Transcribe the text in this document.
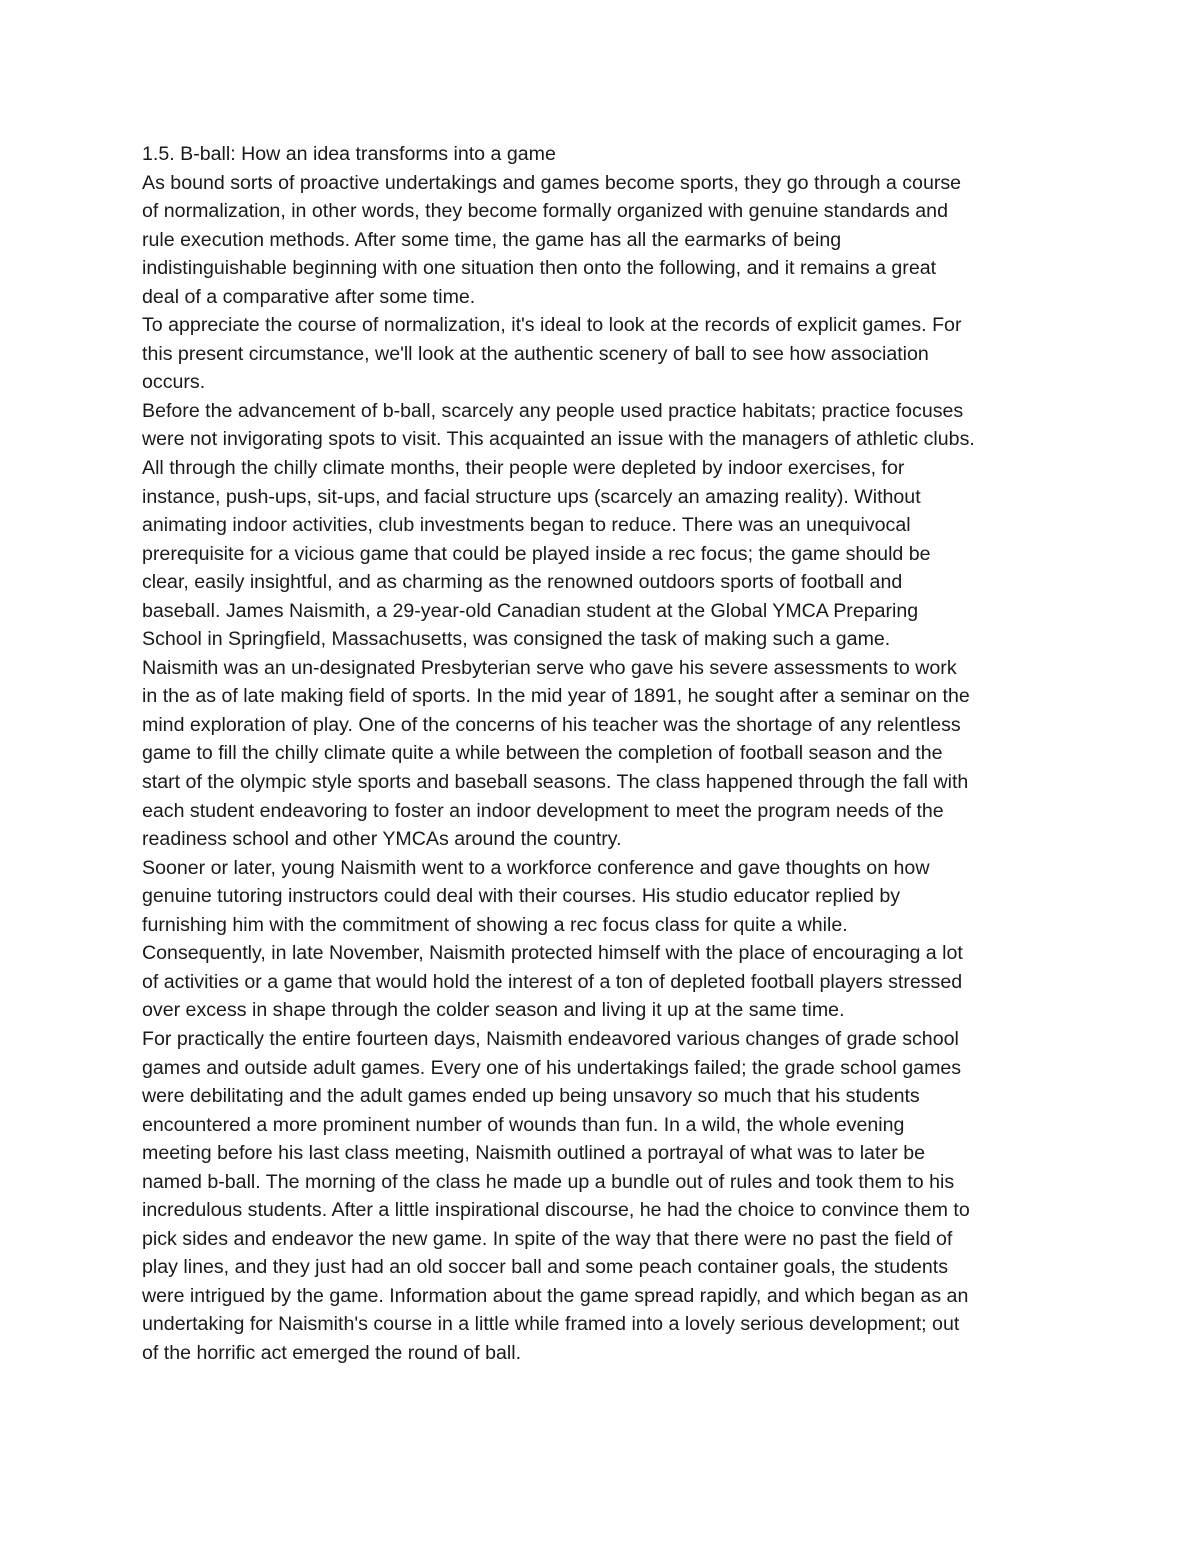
1.5. B-ball: How an idea transforms into a game
As bound sorts of proactive undertakings and games become sports, they go through a course
of normalization, in other words, they become formally organized with genuine standards and
rule execution methods. After some time, the game has all the earmarks of being
indistinguishable beginning with one situation then onto the following, and it remains a great
deal of a comparative after some time.
To appreciate the course of normalization, it's ideal to look at the records of explicit games. For
this present circumstance, we'll look at the authentic scenery of ball to see how association
occurs.
Before the advancement of b-ball, scarcely any people used practice habitats; practice focuses
were not invigorating spots to visit. This acquainted an issue with the managers of athletic clubs.
All through the chilly climate months, their people were depleted by indoor exercises, for
instance, push-ups, sit-ups, and facial structure ups (scarcely an amazing reality). Without
animating indoor activities, club investments began to reduce. There was an unequivocal
prerequisite for a vicious game that could be played inside a rec focus; the game should be
clear, easily insightful, and as charming as the renowned outdoors sports of football and
baseball. James Naismith, a 29-year-old Canadian student at the Global YMCA Preparing
School in Springfield, Massachusetts, was consigned the task of making such a game.
Naismith was an un-designated Presbyterian serve who gave his severe assessments to work
in the as of late making field of sports. In the mid year of 1891, he sought after a seminar on the
mind exploration of play. One of the concerns of his teacher was the shortage of any relentless
game to fill the chilly climate quite a while between the completion of football season and the
start of the olympic style sports and baseball seasons. The class happened through the fall with
each student endeavoring to foster an indoor development to meet the program needs of the
readiness school and other YMCAs around the country.
Sooner or later, young Naismith went to a workforce conference and gave thoughts on how
genuine tutoring instructors could deal with their courses. His studio educator replied by
furnishing him with the commitment of showing a rec focus class for quite a while.
Consequently, in late November, Naismith protected himself with the place of encouraging a lot
of activities or a game that would hold the interest of a ton of depleted football players stressed
over excess in shape through the colder season and living it up at the same time.
For practically the entire fourteen days, Naismith endeavored various changes of grade school
games and outside adult games. Every one of his undertakings failed; the grade school games
were debilitating and the adult games ended up being unsavory so much that his students
encountered a more prominent number of wounds than fun. In a wild, the whole evening
meeting before his last class meeting, Naismith outlined a portrayal of what was to later be
named b-ball. The morning of the class he made up a bundle out of rules and took them to his
incredulous students. After a little inspirational discourse, he had the choice to convince them to
pick sides and endeavor the new game. In spite of the way that there were no past the field of
play lines, and they just had an old soccer ball and some peach container goals, the students
were intrigued by the game. Information about the game spread rapidly, and which began as an
undertaking for Naismith's course in a little while framed into a lovely serious development; out
of the horrific act emerged the round of ball.
